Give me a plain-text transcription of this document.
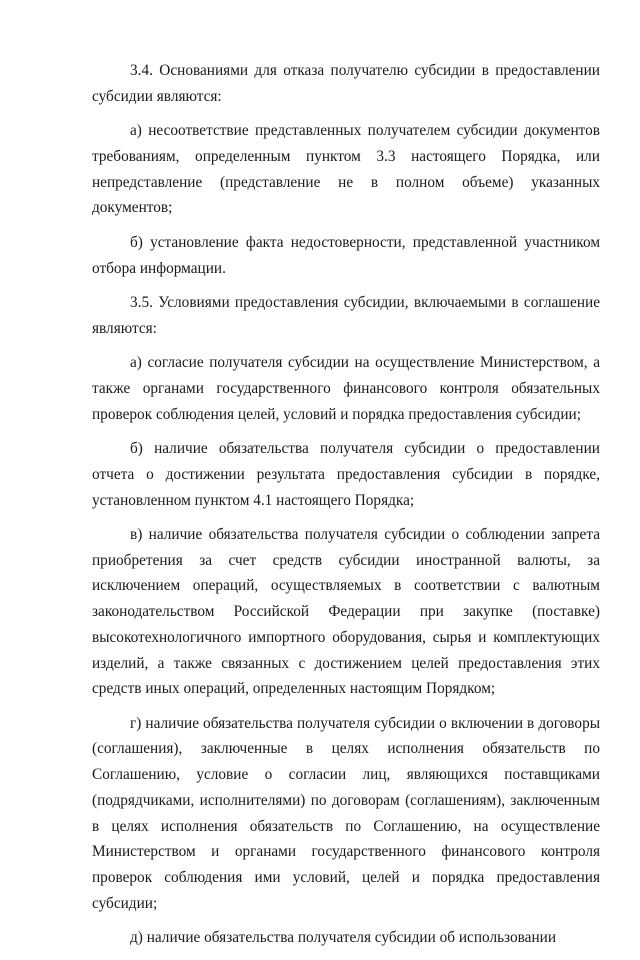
3.4. Основаниями для отказа получателю субсидии в предоставлении субсидии являются:

а) несоответствие представленных получателем субсидии документов требованиям, определенным пунктом 3.3 настоящего Порядка, или непредставление (представление не в полном объеме) указанных документов;

б) установление факта недостоверности, представленной участником отбора информации.

3.5. Условиями предоставления субсидии, включаемыми в соглашение являются:

а) согласие получателя субсидии на осуществление Министерством, а также органами государственного финансового контроля обязательных проверок соблюдения целей, условий и порядка предоставления субсидии;

б) наличие обязательства получателя субсидии о предоставлении отчета о достижении результата предоставления субсидии в порядке, установленном пунктом 4.1 настоящего Порядка;

в) наличие обязательства получателя субсидии о соблюдении запрета приобретения за счет средств субсидии иностранной валюты, за исключением операций, осуществляемых в соответствии с валютным законодательством Российской Федерации при закупке (поставке) высокотехнологичного импортного оборудования, сырья и комплектующих изделий, а также связанных с достижением целей предоставления этих средств иных операций, определенных настоящим Порядком;

г) наличие обязательства получателя субсидии о включении в договоры (соглашения), заключенные в целях исполнения обязательств по Соглашению, условие о согласии лиц, являющихся поставщиками (подрядчиками, исполнителями) по договорам (соглашениям), заключенным в целях исполнения обязательств по Соглашению, на осуществление Министерством и органами государственного финансового контроля проверок соблюдения ими условий, целей и порядка предоставления субсидии;

д) наличие обязательства получателя субсидии об использовании
